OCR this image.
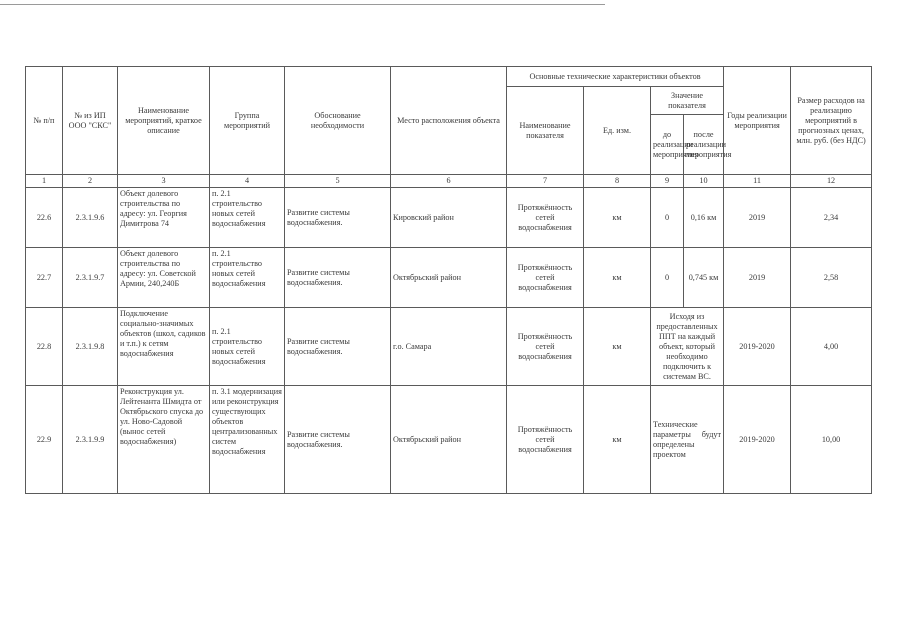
№ п/п	№ из ИП ООО "СКС"	Наименование мероприятий, краткое описание	Группа мероприятий	Обоснование необходимости	Место расположения объекта	Основные технические характеристики объектов				Годы реализации мероприятия	Размер расходов на реализацию мероприятий в прогнозных ценах, млн. руб. (без НДС)
						Наименование показателя	Ед. изм.	Значение показателя			
								до реализации мероприятия	после реализации мероприятия		
1	2	3	4	5	6	7	8	9	10	11	12
22.6	2.3.1.9.6	Объект долевого строительства по адресу: ул. Георгия Димитрова 74	п. 2.1 строительство новых сетей водоснабжения	Развитие системы водоснабжения.	Кировский район	Протяжённость сетей водоснабжения	км	0	0,16 км	2019	2,34
22.7	2.3.1.9.7	Объект долевого строительства по адресу: ул. Советской Армии, 240,240Б	п. 2.1 строительство новых сетей водоснабжения	Развитие системы водоснабжения.	Октябрьский район	Протяжённость сетей водоснабжения	км	0	0,745 км	2019	2,58
22.8	2.3.1.9.8	Подключение социально-значимых объектов (школ, садиков и т.п.) к сетям водоснабжения	п. 2.1 строительство новых сетей водоснабжения	Развитие системы водоснабжения.	г.о. Самара	Протяжённость сетей водоснабжения	км	Исходя из предоставленных ППТ на каждый объект, который необходимо подключить к системам ВС.		2019-2020	4,00
22.9	2.3.1.9.9	Реконструкция ул. Лейтенанта Шмидта от Октябрьского спуска до ул. Ново-Садовой (вынос сетей водоснабжения)	п. 3.1 модернизация или реконструкция существующих объектов централизованных систем водоснабжения	Развитие системы водоснабжения.	Октябрьский район	Протяжённость сетей водоснабжения	км	Технические параметры будут определены проектом		2019-2020	10,00
